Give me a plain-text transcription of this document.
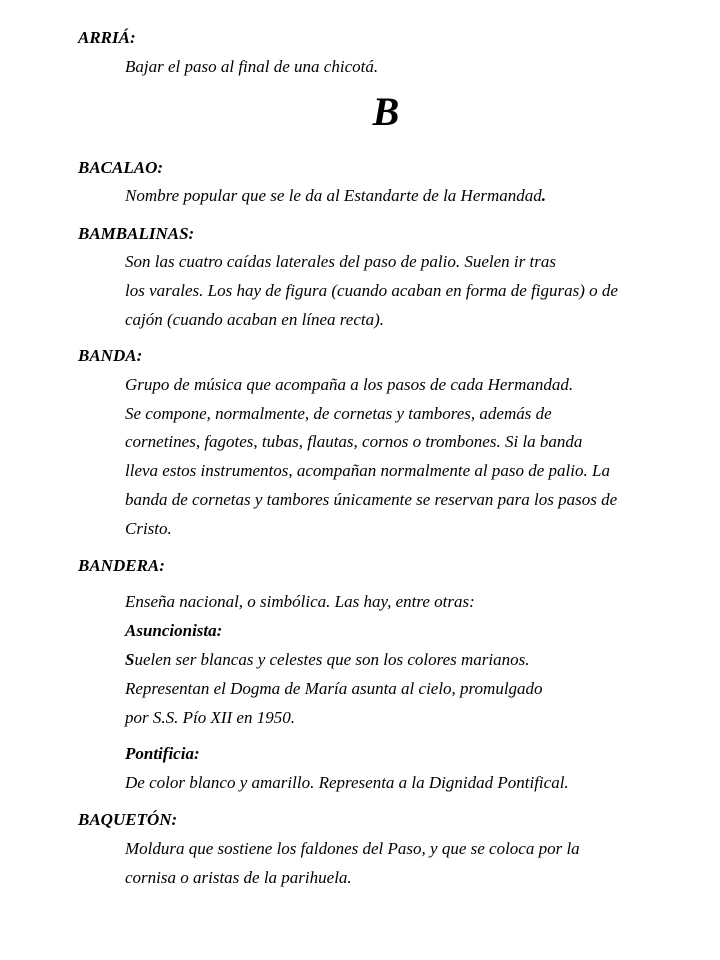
ARRIÁ:
Bajar el paso al final de una chicotá.
B
BACALAO:
Nombre popular que se le da al Estandarte de la Hermandad.
BAMBALINAS:
Son las cuatro caídas laterales del paso de palio. Suelen ir tras
los varales. Los hay de figura (cuando acaban en forma de figuras) o de
cajón (cuando acaban en línea recta).
BANDA:
Grupo de música que acompaña a los pasos de cada Hermandad.
Se compone, normalmente, de cornetas y tambores, además de
cornetines, fagotes, tubas, flautas, cornos o trombones. Si la banda
lleva estos instrumentos, acompañan normalmente al paso de palio. La
banda de cornetas y tambores únicamente se reservan para los pasos de
Cristo.
BANDERA:
Enseña nacional, o simbólica. Las hay, entre otras:
Asuncionista:
Suelen ser blancas y celestes que son los colores marianos.
Representan el Dogma de María asunta al cielo, promulgado
por S.S. Pío XII en 1950.
Pontificia:
De color blanco y amarillo. Representa a la Dignidad Pontifical.
BAQUETÓN:
Moldura que sostiene los faldones del Paso, y que se coloca por la
cornisa o aristas de la parihuela.
